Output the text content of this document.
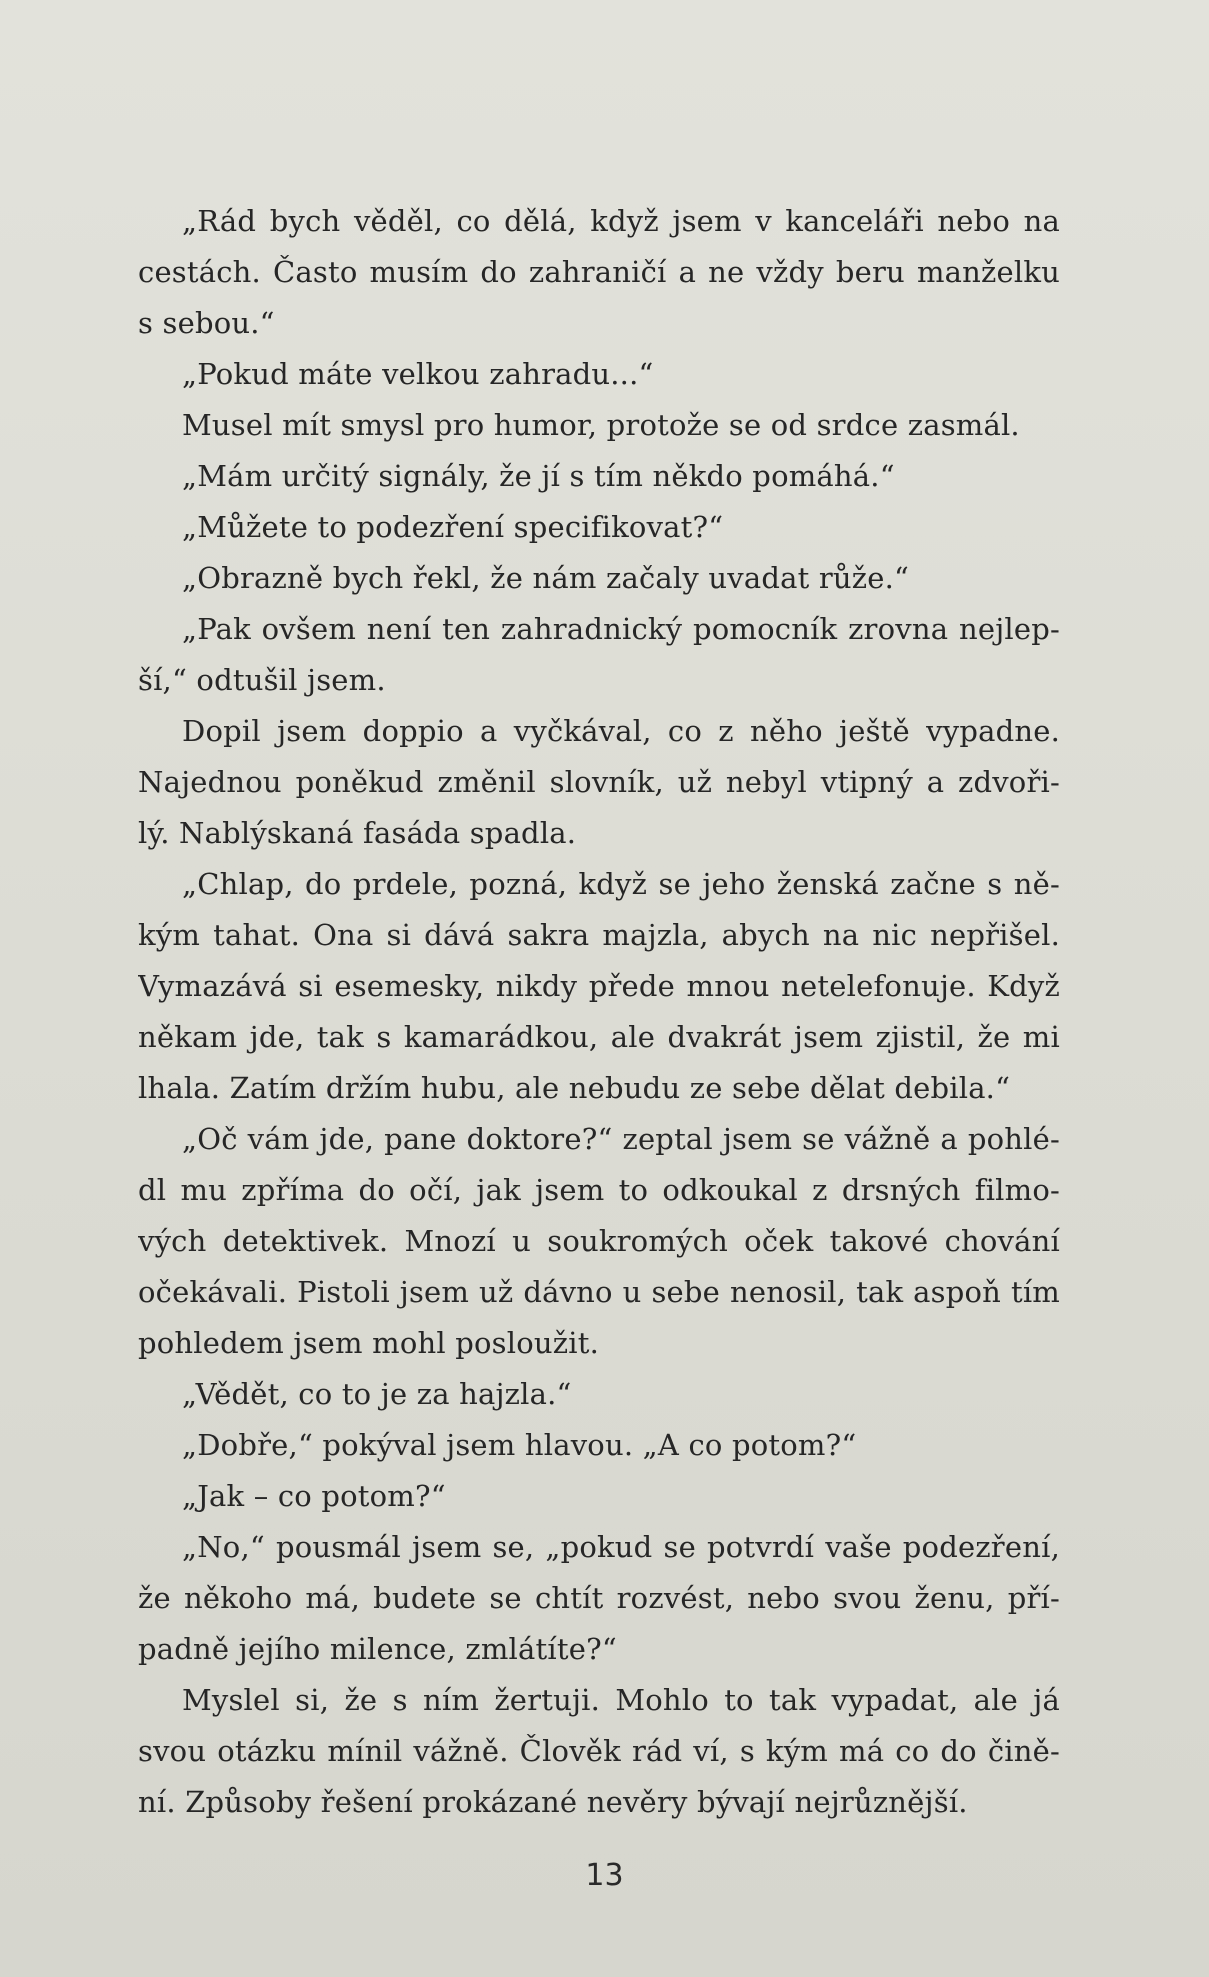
„Rád bych věděl, co dělá, když jsem v kanceláři nebo na
cestách. Často musím do zahraničí a ne vždy beru manželku
s sebou.“
„Pokud máte velkou zahradu...“
Musel mít smysl pro humor, protože se od srdce zasmál.
„Mám určitý signály, že jí s tím někdo pomáhá.“
„Můžete to podezření specifikovat?“
„Obrazně bych řekl, že nám začaly uvadat růže.“
„Pak ovšem není ten zahradnický pomocník zrovna nejlep-
ší,“ odtušil jsem.
Dopil jsem doppio a vyčkával, co z něho ještě vypadne.
Najednou poněkud změnil slovník, už nebyl vtipný a zdvoři-
lý. Nablýskaná fasáda spadla.
„Chlap, do prdele, pozná, když se jeho ženská začne s ně-
kým tahat. Ona si dává sakra majzla, abych na nic nepřišel.
Vymazává si esemesky, nikdy přede mnou netelefonuje. Když
někam jde, tak s kamarádkou, ale dvakrát jsem zjistil, že mi
lhala. Zatím držím hubu, ale nebudu ze sebe dělat debila.“
„Oč vám jde, pane doktore?“ zeptal jsem se vážně a pohlé-
dl mu zpříma do očí, jak jsem to odkoukal z drsných filmo-
vých detektivek. Mnozí u soukromých oček takové chování
očekávali. Pistoli jsem už dávno u sebe nenosil, tak aspoň tím
pohledem jsem mohl posloužit.
„Vědět, co to je za hajzla.“
„Dobře,“ pokýval jsem hlavou. „A co potom?“
„Jak – co potom?“
„No,“ pousmál jsem se, „pokud se potvrdí vaše podezření,
že někoho má, budete se chtít rozvést, nebo svou ženu, pří-
padně jejího milence, zmlátíte?“
Myslel si, že s ním žertuji. Mohlo to tak vypadat, ale já
svou otázku mínil vážně. Člověk rád ví, s kým má co do čině-
ní. Způsoby řešení prokázané nevěry bývají nejrůznější.
13
